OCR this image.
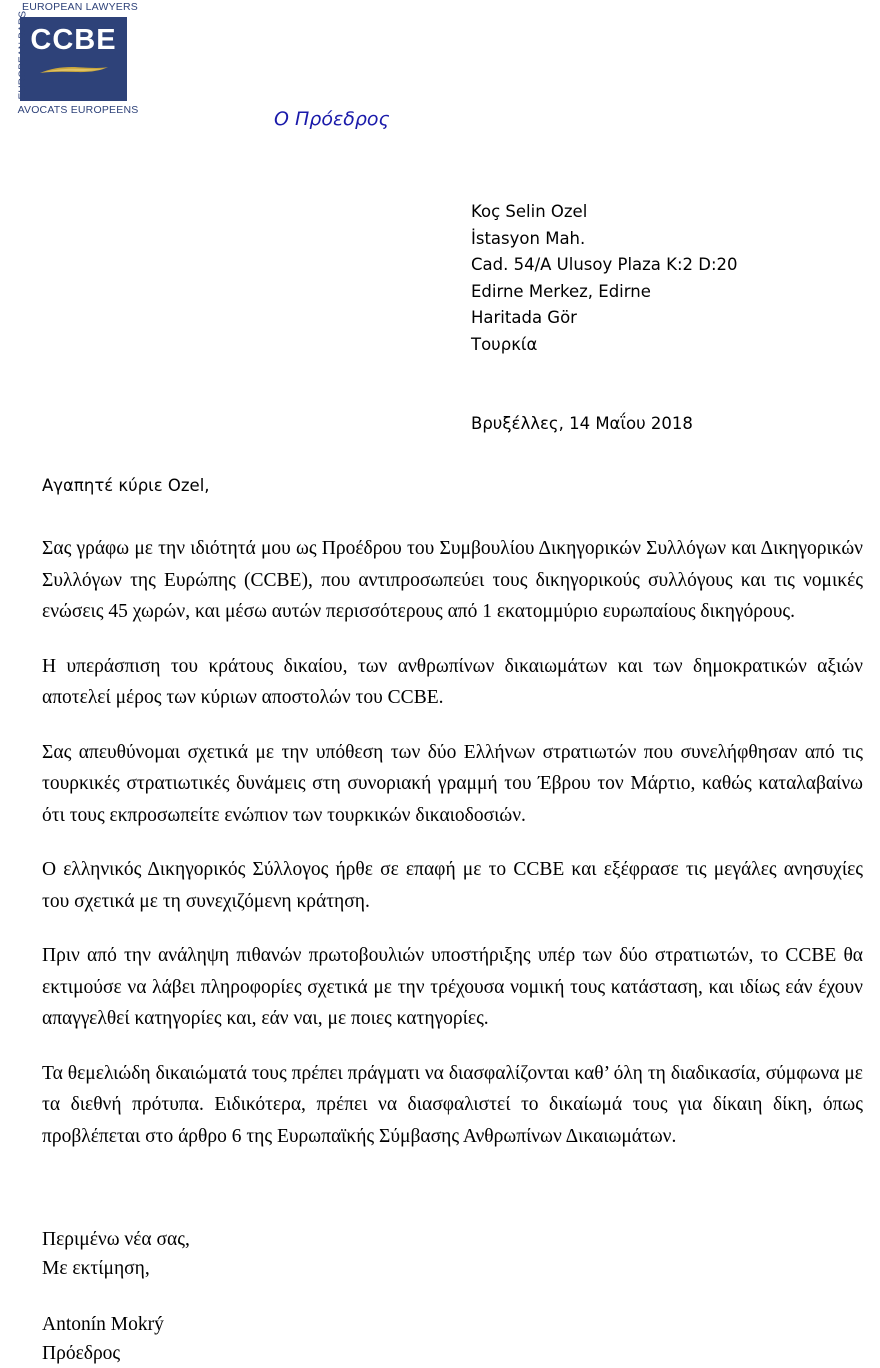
EUROPEAN LAWYERS
CCBE
EUROPEAN BARS	BARREAUX EUROPEENS
AVOCATS EUROPEENS	Ο Πρόεδρος
Koç Selin Ozel
İstasyon Mah.
Cad. 54/A Ulusoy Plaza K:2 D:20
Edirne Merkez, Edirne
Haritada Gör
Τουρκία
Βρυξέλλες, 14 Μαΐου 2018
Αγαπητέ κύριε Ozel,

Σας γράφω με την ιδιότητά μου ως Προέδρου του Συμβουλίου Δικηγορικών Συλλόγων και Δικηγορικών Συλλόγων της Ευρώπης (CCBE), που αντιπροσωπεύει τους δικηγορικούς συλλόγους και τις νομικές ενώσεις 45 χωρών, και μέσω αυτών περισσότερους από 1 εκατομμύριο ευρωπαίους δικηγόρους.

Η υπεράσπιση του κράτους δικαίου, των ανθρωπίνων δικαιωμάτων και των δημοκρατικών αξιών αποτελεί μέρος των κύριων αποστολών του CCBE.

Σας απευθύνομαι σχετικά με την υπόθεση των δύο Ελλήνων στρατιωτών που συνελήφθησαν από τις τουρκικές στρατιωτικές δυνάμεις στη συνοριακή γραμμή του Έβρου τον Μάρτιο, καθώς καταλαβαίνω ότι τους εκπροσωπείτε ενώπιον των τουρκικών δικαιοδοσιών.

Ο ελληνικός Δικηγορικός Σύλλογος ήρθε σε επαφή με το CCBE και εξέφρασε τις μεγάλες ανησυχίες του σχετικά με τη συνεχιζόμενη κράτηση.

Πριν από την ανάληψη πιθανών πρωτοβουλιών υποστήριξης υπέρ των δύο στρατιωτών, το CCBE θα εκτιμούσε να λάβει πληροφορίες σχετικά με την τρέχουσα νομική τους κατάσταση, και ιδίως εάν έχουν απαγγελθεί κατηγορίες και, εάν ναι, με ποιες κατηγορίες.

Τα θεμελιώδη δικαιώματά τους πρέπει πράγματι να διασφαλίζονται καθ’ όλη τη διαδικασία, σύμφωνα με τα διεθνή πρότυπα. Ειδικότερα, πρέπει να διασφαλιστεί το δικαίωμά τους για δίκαιη δίκη, όπως προβλέπεται στο άρθρο 6 της Ευρωπαϊκής Σύμβασης Ανθρωπίνων Δικαιωμάτων.

Περιμένω νέα σας,
Με εκτίμηση,
Antonín Mokrý
Πρόεδρος
